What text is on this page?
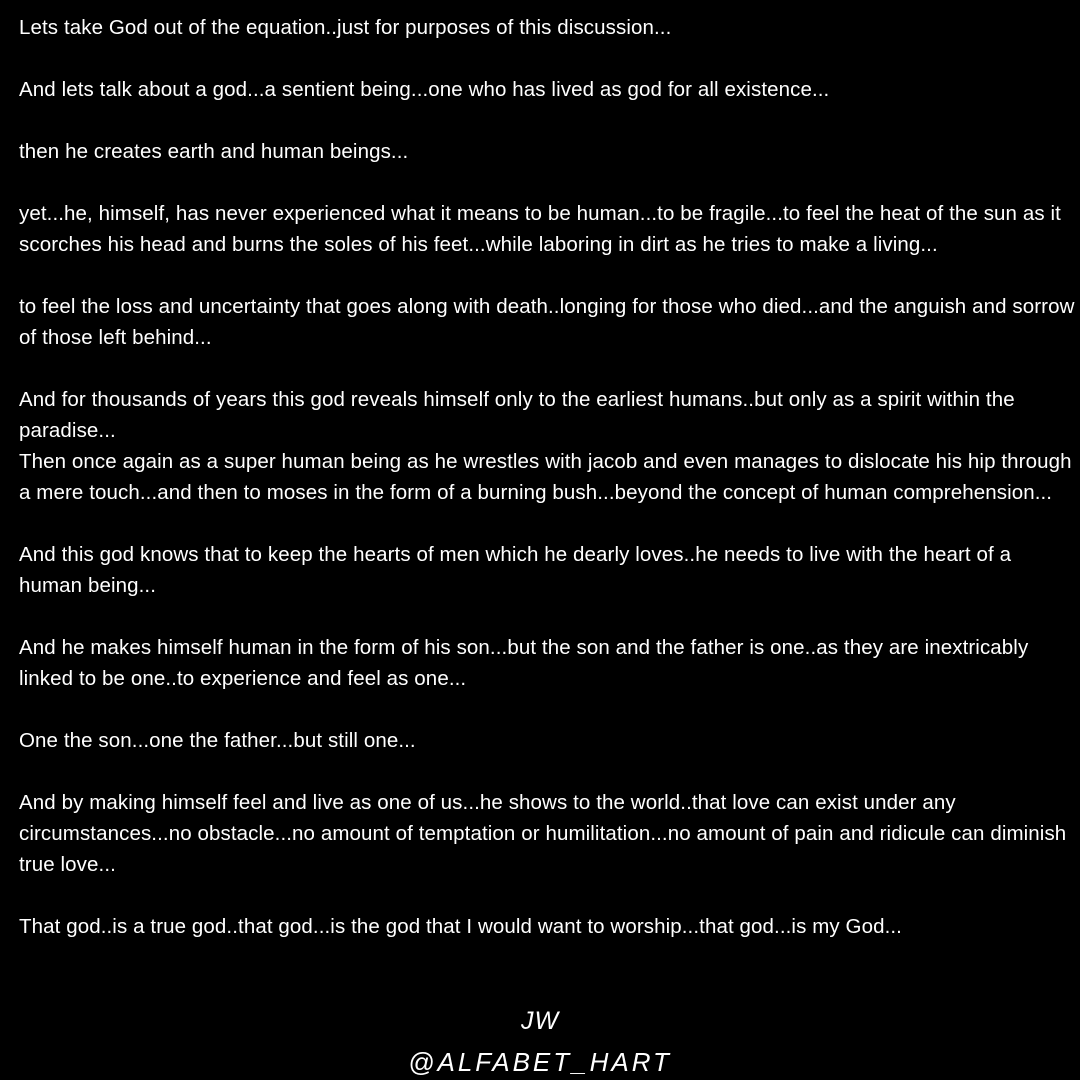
Lets take God out of the equation..just for purposes of this discussion...

And lets talk about a god...a sentient being...one who has lived as god for all existence...

then he creates earth and human beings...

yet...he, himself, has never experienced what it means to be human...to be fragile...to feel the heat of the sun as it scorches his head and burns the soles of his feet...while laboring in dirt as he tries to make a living...

to feel the loss and uncertainty that goes along with death..longing for those who died...and the anguish and sorrow of those left behind...

And for thousands of years this god reveals himself only to the earliest humans..but only as a spirit within the paradise...

Then once again as a super human being as he wrestles with jacob and even manages to dislocate his hip through a mere touch...and then to moses in the form of a burning bush...beyond the concept of human comprehension...

And this god knows that to keep the hearts of men which he dearly loves..he needs to live with the heart of a human being...

And he makes himself human in the form of his son...but the son and the father is one..as they are inextricably linked to be one..to experience and feel as one...

One the son...one the father...but still one...

And by making himself feel and live as one of us...he shows to the world..that love can exist under any circumstances...no obstacle...no amount of temptation or humilitation...no amount of pain and ridicule can diminish true love...

That god..is a true god..that god...is the god that I would want to worship...that god...is my God...

JW
@ALFABET_HART
